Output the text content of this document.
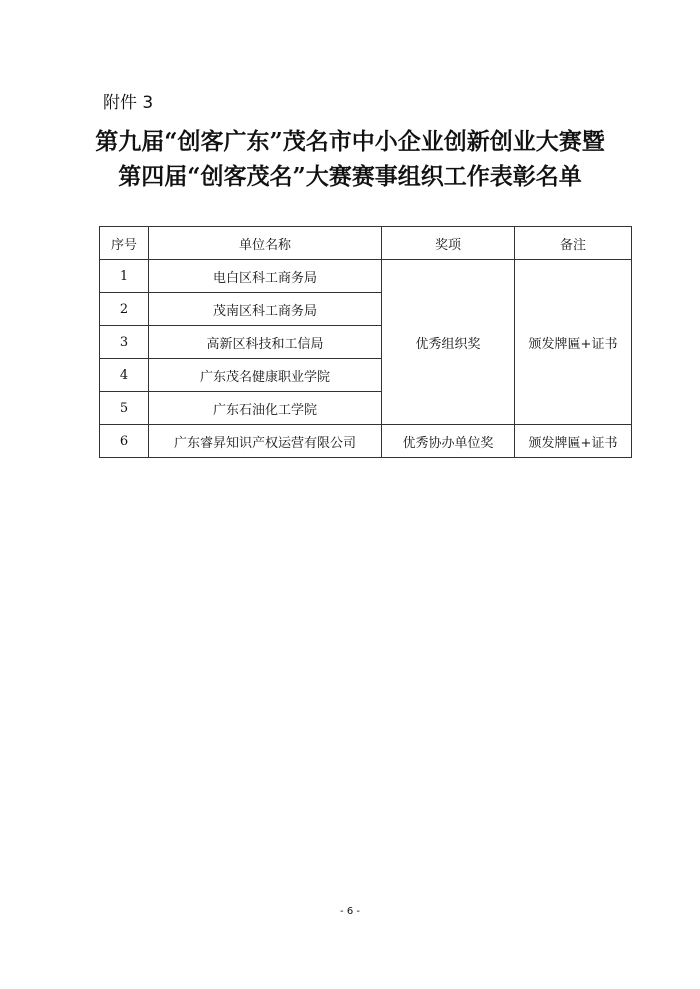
附件 3
第九届“创客广东”茂名市中小企业创新创业大赛暨
第四届“创客茂名”大赛赛事组织工作表彰名单
序号	单位名称	奖项	备注
1	电白区科工商务局	优秀组织奖	颁发牌匾+证书
2	茂南区科工商务局		
3	高新区科技和工信局		
4	广东茂名健康职业学院		
5	广东石油化工学院		
6	广东睿昇知识产权运营有限公司	优秀协办单位奖	颁发牌匾+证书
- 6 -
